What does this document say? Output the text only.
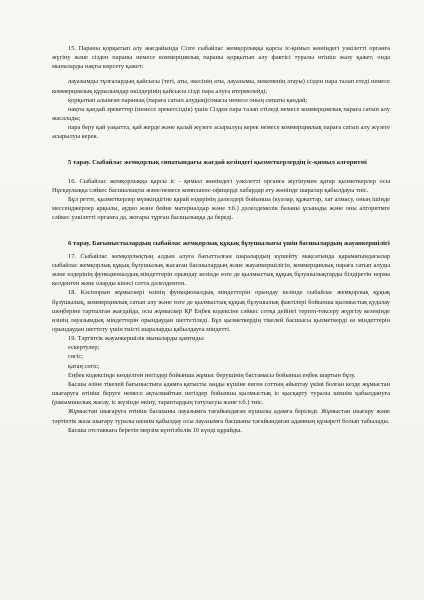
15. Параны қорқытып алу жағдайында Сізге сыбайлас жемқорлыққа қарсы іс-қимыл жөніндегі уәкілетті органға жүгіну және сізден параны немесе коммерциялық параны қорқытып алу фактісі туралы өтініш жазу қажет, онда мыналарды нақты көрсету қажет:

лауазымды тұлғалардың қайсысы (тегі, аты, әкесінің аты, лауазымы, мекеменің атауы) сізден пара талап етеді немесе коммерциялық құрылымдар өкілдерінің қайсысы сізді пара алуға итермелейді;

қорқытып алынған параның (параға сатып алудың)сомасы немесе оның сипаты қандай;

нақты қандай әрекеттер (немесе әрекетсіздік) үшін Сізден пара талап етіледі немесе коммерциялық параға сатып алу жасалады;

пара беру қай уақытта, қай жерде және қалай жүзеге асырылуы керек немесе коммерциялық параға сатып алу жүзеге асырылуы керек.

5 тарау. Сыбайлас жемқорлық сипатындағы жағдай кезіндегі қызметкерлердің іс-қимыл алгоритмі

16. Сыбайлас жемқорлыққа қарсы іс - қимыл жөніндегі уәкілетті органға жүгінумен қатар қызметкерлер осы Нұсқаулыққа сәйкес басшылықты және/немесе комплаенс-офицерді хабардар ету жөнінде шаралар қабылдауы тиіс.

Бұл ретте, қызметкерлер мүмкіндігіне қарай өздерінің дәлелдері бойынша (куәлар, құжаттар, хат алмасу, оның ішінде мессенджерлер арқылы, аудио және бейне материалдар және т.б.) дәлелдемелік базаны ұсынады және оны алгоритмге сәйкес уәкілетті органға да, жоғары тұрған басшылыққа да береді.

6 тарау. Бағыныстылардың сыбайлас жемқорлық құқық бұзушылығы үшін басшылардың жауапкершілігі

17. Сыбайлас жемқорлықтың алдын алуға бағытталған шаралардың күшейту мақсатында қарамағындағылар сыбайлас жемқорлық құқық бұзушылық жасаған басшылардың және жауапкершілігін, коммерциялық параға сатып алуды және өздерінің функционалдық міндеттерін орындау кезінде өзге де қылмыстық құқық бұзушылықтарды білдіретін норма келденген және оларды кінәсі сотта дәлелденген.

18. Кәсіпорын жұмыскері өзінің функционалдық міндеттерін орындау кезінде сыбайлас жемқорлық құқық бұзушылық, коммерциялық сатып алу және өзге де қылмыстық құқық бұзушылық фактілері бойынша қылмыстық қудалау шеңберіне тартылған жағдайда, осы жұмыскер ҚР Еңбек кодексіне сәйкес сотқа дейінгі тергеп-тексеру жүргізу кезеңінде өзінің лауазымдық міндеттерін орындаудан шеттетіледі. Бұл қызметкердің тікелей басшысы қызметкерді өз міндеттерін орындаудан шеттету үшін тиісті шараларды қабылдауға міндетті.

19. Тәртіптік жауапкершілік мыналарды қамтиды:

ескертулер;

сөгіс;

қатаң сөгіс;

Еңбек кодексінде көзделген негіздер бойынша жұмыс берушінің бастамасы бойынша еңбек шартын бұзу.

Басшы өзіне тікелей бағыныстыға адамға қатысты заңды күшіне енген соттың айыптау үкімі болған кезде жұмыстан шығаруға өтініш беруге немесе ақталмайтын негіздер бойынша қылмыстық іс қысқарту туралы шешім қабылдануға (ракымшылық жасау, іс жүзінде өкіну, тараптардың татуласуы және т.б.) тиіс.

Жұмыстан шығаруға өтініш басшыны лауазымға тағайындаған күшылы адамға беріледі. Жұмыстан шығару және тәртіптік жаза шығару туралы шешім қабылдау осы лауазымға басшыны тағайындаған адамның құзыреті болып табылады.

Басшы отставкаға беретін мерзім күнтізбелік 10 күнді құрайды.
